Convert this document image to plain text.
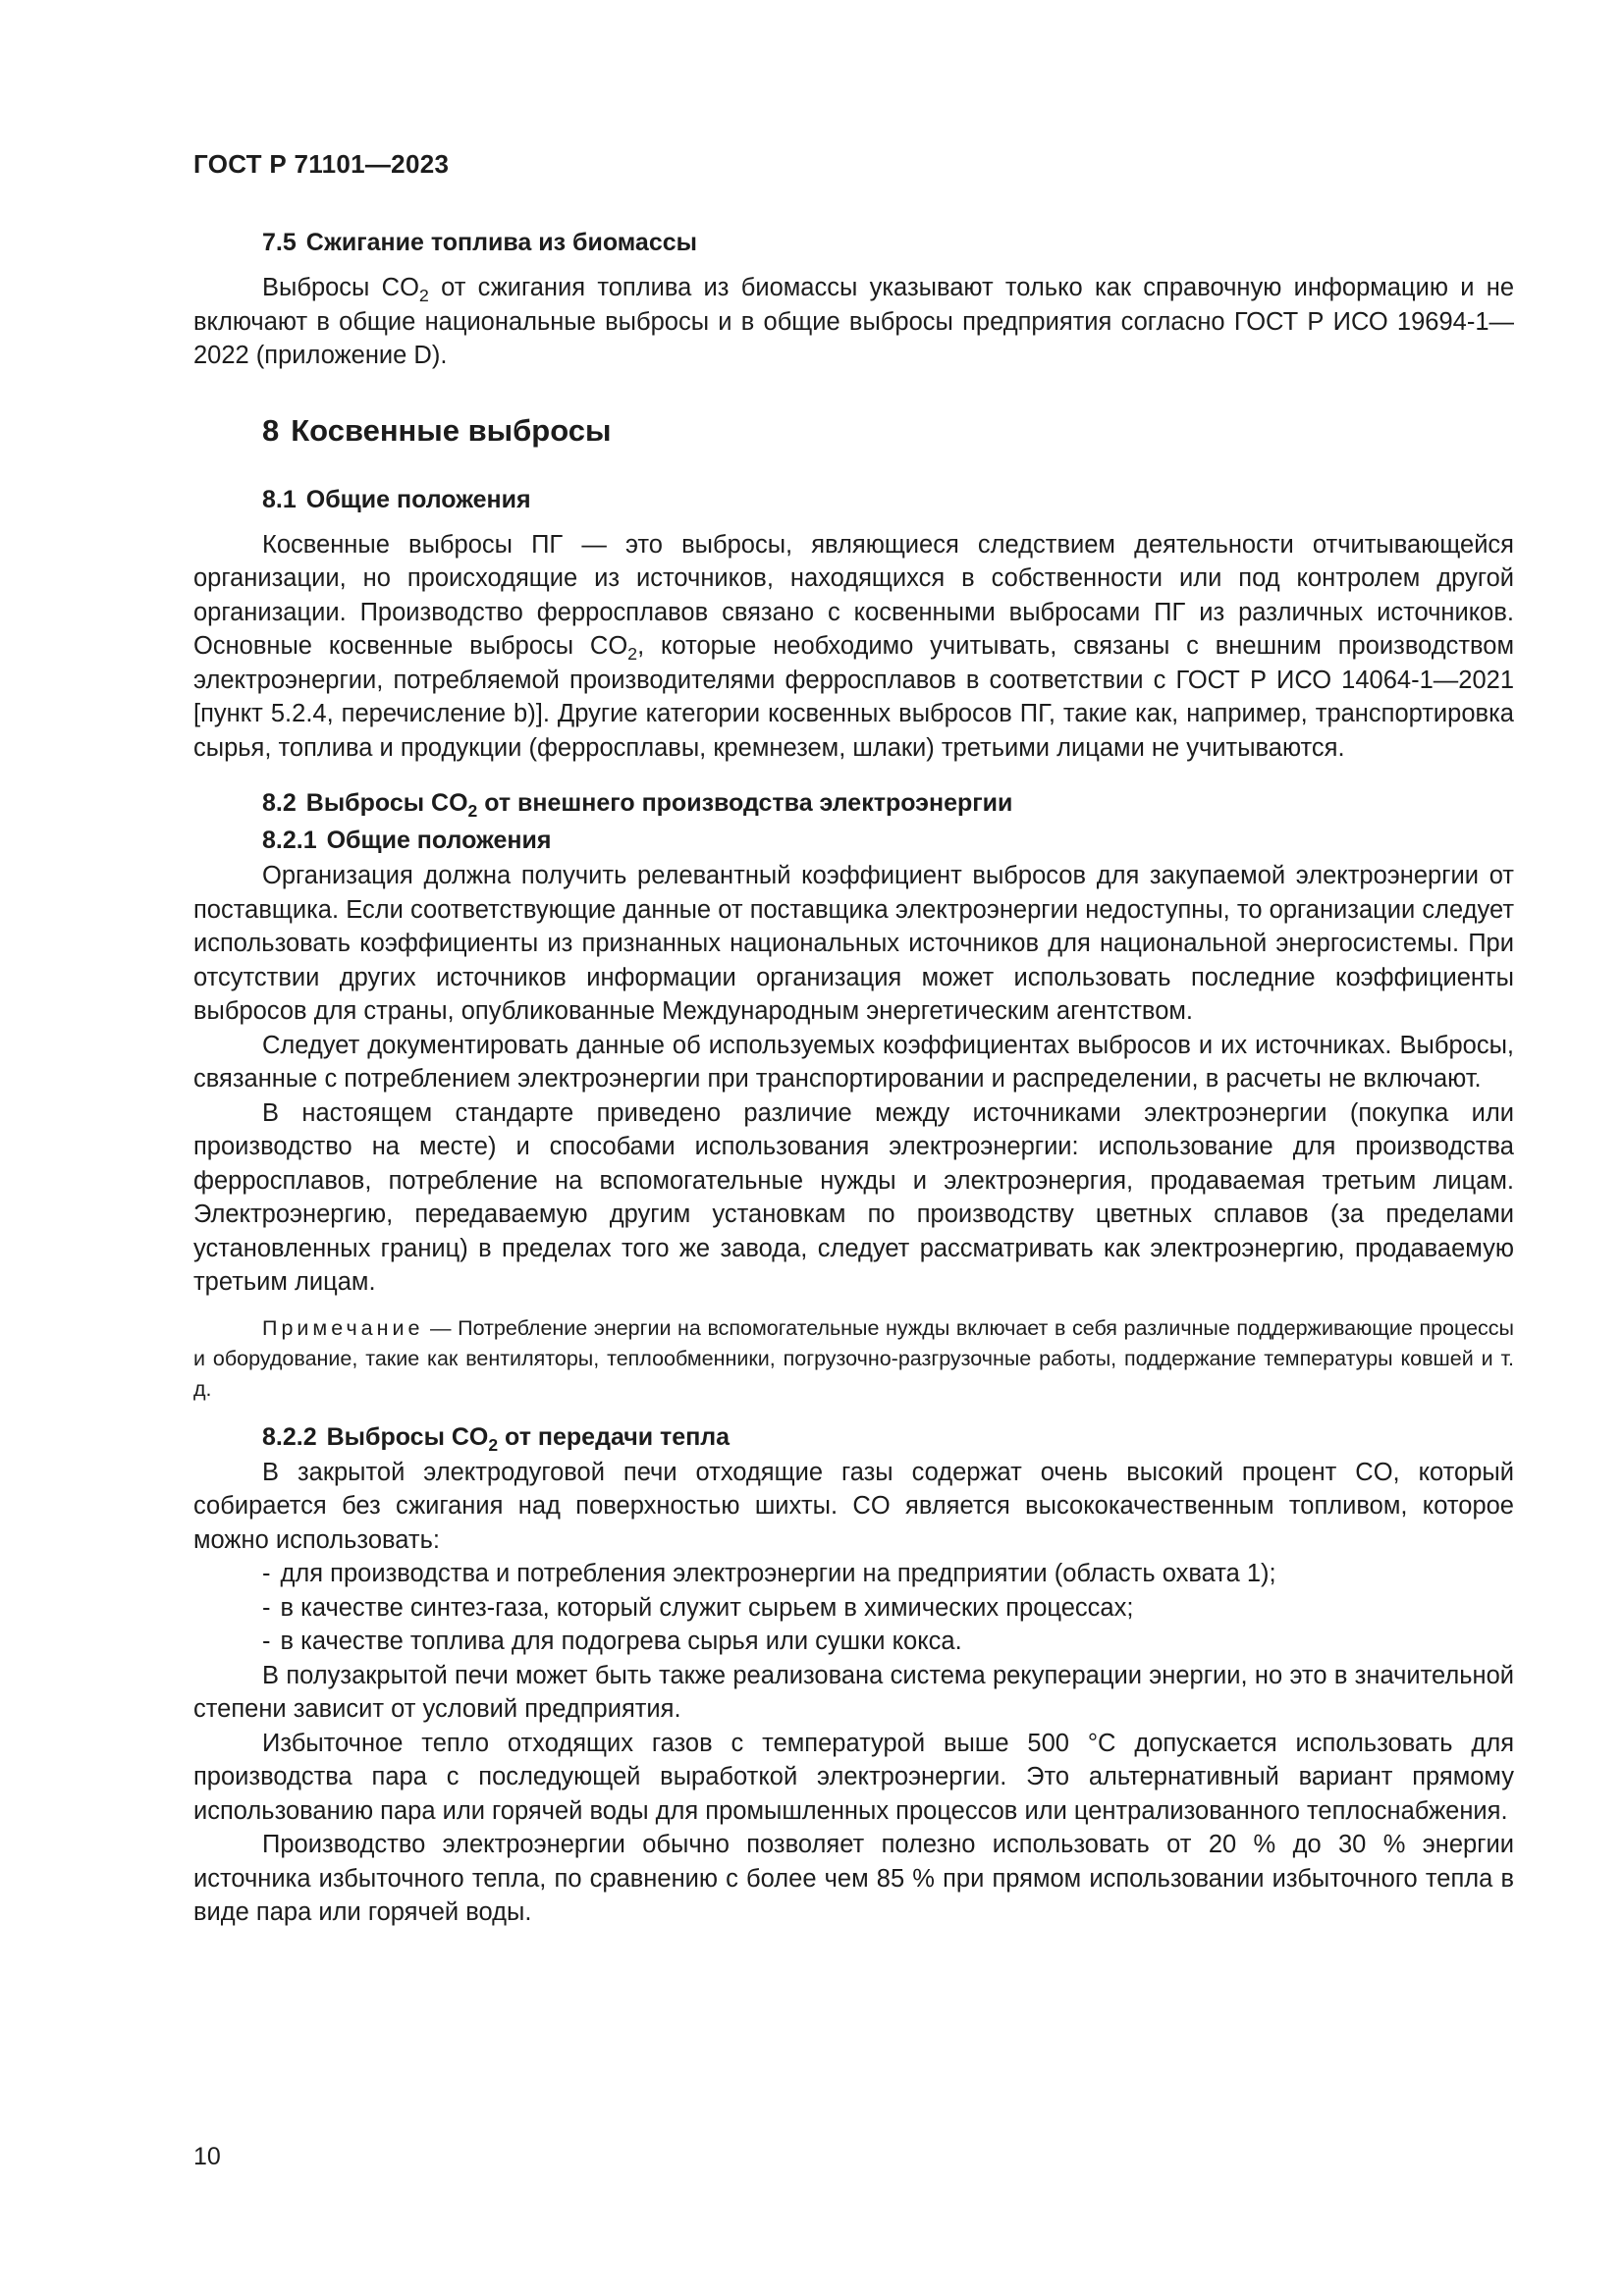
ГОСТ Р 71101—2023
7.5 Сжигание топлива из биомассы

Выбросы $CO_2$ от сжигания топлива из биомассы указывают только как справочную информацию и не включают в общие национальные выбросы и в общие выбросы предприятия согласно ГОСТ Р ИСО 19694-1—2022 (приложение D).

8 Косвенные выбросы
8.1 Общие положения

Косвенные выбросы ПГ — это выбросы, являющиеся следствием деятельности отчитывающейся организации, но происходящие из источников, находящихся в собственности или под контролем другой организации. Производство ферросплавов связано с косвенными выбросами ПГ из различных источников. Основные косвенные выбросы $CO_2$, которые необходимо учитывать, связаны с внешним производством электроэнергии, потребляемой производителями ферросплавов в соответствии с ГОСТ Р ИСО 14064-1—2021 [пункт 5.2.4, перечисление b)]. Другие категории косвенных выбросов ПГ, такие как, например, транспортировка сырья, топлива и продукции (ферросплавы, кремнезем, шлаки) третьими лицами не учитываются.

8.2 Выбросы $CO_2$ от внешнего производства электроэнергии
8.2.1 Общие положения

Организация должна получить релевантный коэффициент выбросов для закупаемой электроэнергии от поставщика. Если соответствующие данные от поставщика электроэнергии недоступны, то организации следует использовать коэффициенты из признанных национальных источников для национальной энергосистемы. При отсутствии других источников информации организация может использовать последние коэффициенты выбросов для страны, опубликованные Международным энергетическим агентством.

Следует документировать данные об используемых коэффициентах выбросов и их источниках. Выбросы, связанные с потреблением электроэнергии при транспортировании и распределении, в расчеты не включают.

В настоящем стандарте приведено различие между источниками электроэнергии (покупка или производство на месте) и способами использования электроэнергии: использование для производства ферросплавов, потребление на вспомогательные нужды и электроэнергия, продаваемая третьим лицам. Электроэнергию, передаваемую другим установкам по производству цветных сплавов (за пределами установленных границ) в пределах того же завода, следует рассматривать как электроэнергию, продаваемую третьим лицам.

Примечание — Потребление энергии на вспомогательные нужды включает в себя различные поддерживающие процессы и оборудование, такие как вентиляторы, теплообменники, погрузочно-разгрузочные работы, поддержание температуры ковшей и т. д.

8.2.2 Выбросы $CO_2$ от передачи тепла

В закрытой электродуговой печи отходящие газы содержат очень высокий процент CO, который собирается без сжигания над поверхностью шихты. CO является высококачественным топливом, которое можно использовать:

- для производства и потребления электроэнергии на предприятии (область охвата 1);

- в качестве синтез-газа, который служит сырьем в химических процессах;

- в качестве топлива для подогрева сырья или сушки кокса.

В полузакрытой печи может быть также реализована система рекуперации энергии, но это в значительной степени зависит от условий предприятия.

Избыточное тепло отходящих газов с температурой выше 500 °C допускается использовать для производства пара с последующей выработкой электроэнергии. Это альтернативный вариант прямому использованию пара или горячей воды для промышленных процессов или централизованного теплоснабжения.

Производство электроэнергии обычно позволяет полезно использовать от 20 % до 30 % энергии источника избыточного тепла, по сравнению с более чем 85 % при прямом использовании избыточного тепла в виде пара или горячей воды.

10
